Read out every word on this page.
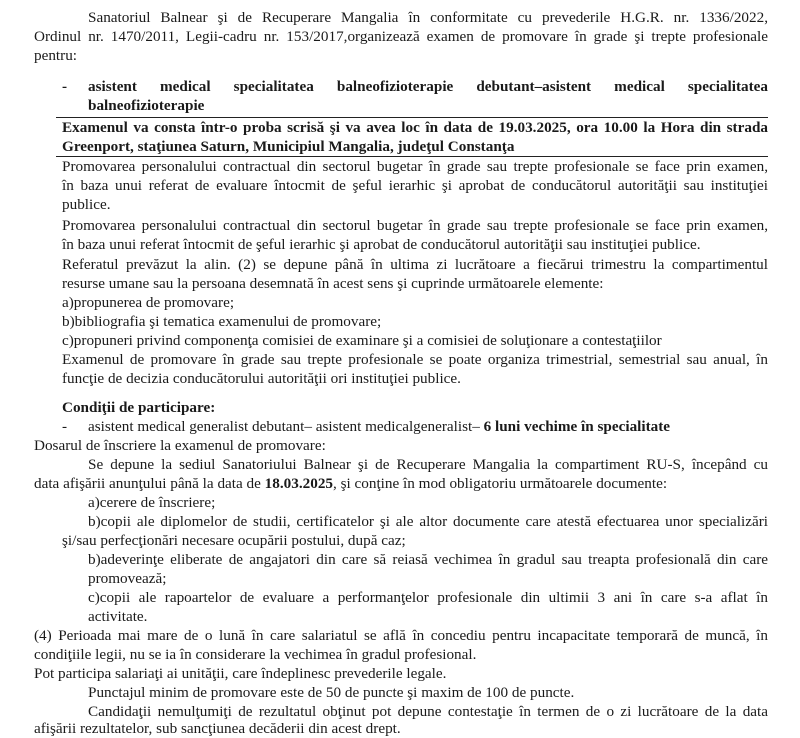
Sanatoriul Balnear şi de Recuperare Mangalia în conformitate cu prevederile H.G.R. nr. 1336/2022,

Ordinul nr. 1470/2011, Legii-cadru nr. 153/2017,organizează examen de promovare în grade şi trepte profesionale

pentru:

- asistent medical specialitatea balneofizioterapie debutant–asistent medical specialitatea

balneofizioterapie

Examenul va consta într-o proba scrisă şi va avea loc în data de 19.03.2025, ora 10.00 la Hora din strada

Greenport, staţiunea Saturn, Municipiul Mangalia, judeţul Constanţa

Promovarea personalului contractual din sectorul bugetar în grade sau trepte profesionale se face prin examen,

în baza unui referat de evaluare întocmit de şeful ierarhic şi aprobat de conducătorul autorităţii sau instituţiei

publice.

Promovarea personalului contractual din sectorul bugetar în grade sau trepte profesionale se face prin examen,

în baza unui referat întocmit de şeful ierarhic şi aprobat de conducătorul autorităţii sau instituţiei publice.

Referatul prevăzut la alin. (2) se depune până în ultima zi lucrătoare a fiecărui trimestru la compartimentul

resurse umane sau la persoana desemnată în acest sens şi cuprinde următoarele elemente:

a)propunerea de promovare;

b)bibliografia şi tematica examenului de promovare;

c)propuneri privind componenţa comisiei de examinare şi a comisiei de soluţionare a contestaţiilor

Examenul de promovare în grade sau trepte profesionale se poate organiza trimestrial, semestrial sau anual, în

funcţie de decizia conducătorului autorităţii ori instituţiei publice.

Condiţii de participare:

- asistent medical generalist debutant– asistent medicalgeneralist– 6 luni vechime în specialitate

Dosarul de înscriere la examenul de promovare:

Se depune la sediul Sanatoriului Balnear şi de Recuperare Mangalia la compartiment RU-S, începând cu

data afişării anunţului până la data de 18.03.2025, şi conţine în mod obligatoriu următoarele documente:

a)cerere de înscriere;

b)copii ale diplomelor de studii, certificatelor şi ale altor documente care atestă efectuarea unor specializări

şi/sau perfecţionări necesare ocupării postului, după caz;

b)adeverinţe eliberate de angajatori din care să reiasă vechimea în gradul sau treapta profesională din care

promovează;

c)copii ale rapoartelor de evaluare a performanţelor profesionale din ultimii 3 ani în care s-a aflat în

activitate.

(4) Perioada mai mare de o lună în care salariatul se află în concediu pentru incapacitate temporară de muncă, în

condiţiile legii, nu se ia în considerare la vechimea în gradul profesional.

Pot participa salariaţi ai unităţii, care îndeplinesc prevederile legale.

Punctajul minim de promovare este de 50 de puncte şi maxim de 100 de puncte.

Candidaţii nemulţumiţi de rezultatul obţinut pot depune contestaţie în termen de o zi lucrătoare de la data

afişării rezultatelor, sub sancţiunea decăderii din acest drept.
